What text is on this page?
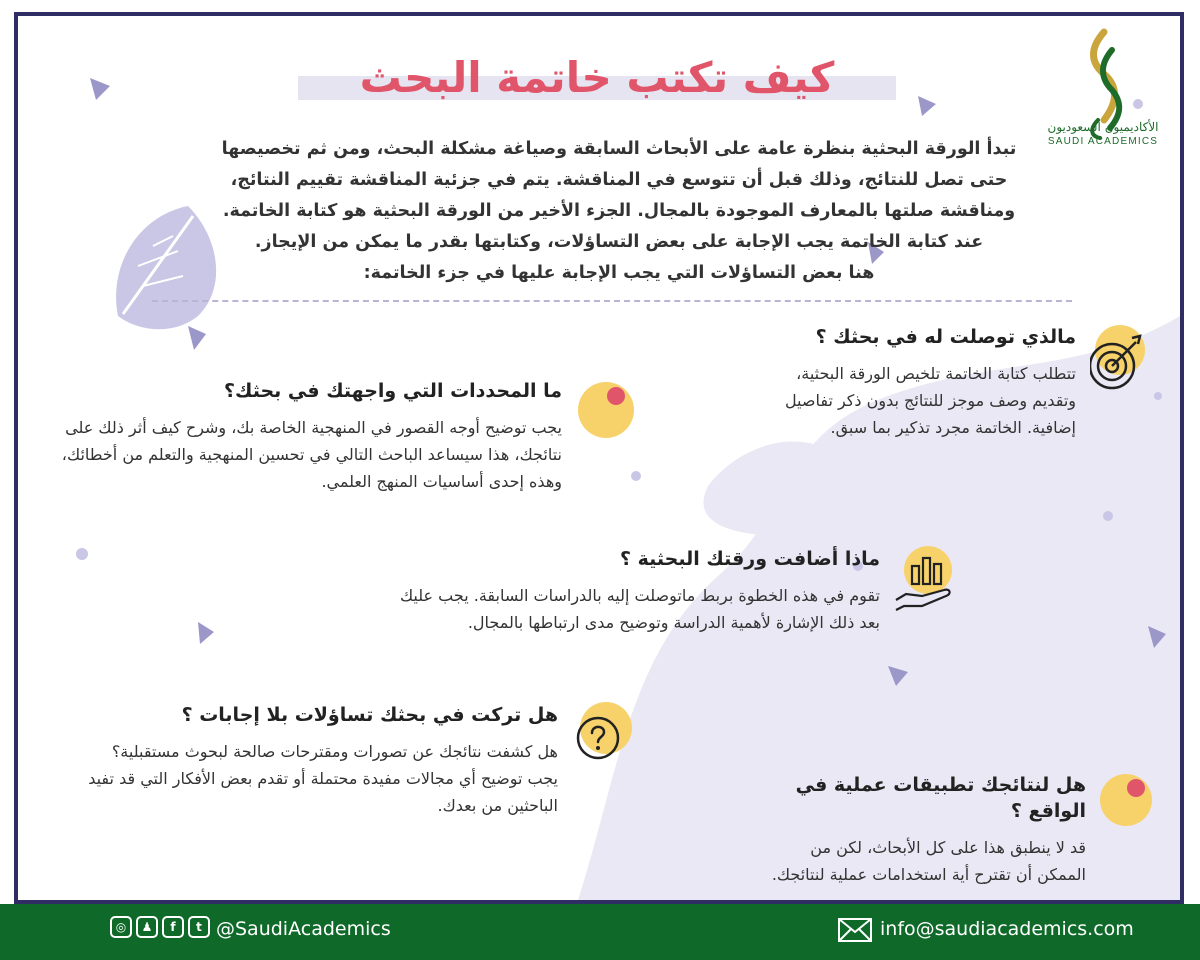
الأكاديميون السعوديون
SAUDI ACADEMICS
كيف تكتب خاتمة البحث

تبدأ الورقة البحثية بنظرة عامة على الأبحاث السابقة وصياغة مشكلة البحث، ومن ثم تخصيصها

حتى تصل للنتائج، وذلك قبل أن تتوسع في المناقشة. يتم في جزئية المناقشة تقييم النتائج،

ومناقشة صلتها بالمعارف الموجودة بالمجال. الجزء الأخير من الورقة البحثية هو كتابة الخاتمة.

عند كتابة الخاتمة يجب الإجابة على بعض التساؤلات، وكتابتها بقدر ما يمكن من الإيجاز.

هنا بعض التساؤلات التي يجب الإجابة عليها في جزء الخاتمة:

مالذي توصلت له في بحثك ؟

تتطلب كتابة الخاتمة تلخيص الورقة البحثية، وتقديم وصف موجز للنتائج بدون ذكر تفاصيل إضافية. الخاتمة مجرد تذكير بما سبق.

ما المحددات التي واجهتك في بحثك؟

يجب توضيح أوجه القصور في المنهجية الخاصة بك، وشرح كيف أثر ذلك على نتائجك، هذا سيساعد الباحث التالي في تحسين المنهجية والتعلم من أخطائك، وهذه إحدى أساسيات المنهج العلمي.

ماذا أضافت ورقتك البحثية ؟

تقوم في هذه الخطوة بربط ماتوصلت إليه بالدراسات السابقة. يجب عليك بعد ذلك الإشارة لأهمية الدراسة وتوضيح مدى ارتباطها بالمجال.

هل تركت في بحثك تساؤلات بلا إجابات ؟

هل كشفت نتائجك عن تصورات ومقترحات صالحة لبحوث مستقبلية؟ يجب توضيح أي مجالات مفيدة محتملة أو تقدم بعض الأفكار التي قد تفيد الباحثين من بعدك.

هل لنتائجك تطبيقات عملية في الواقع ؟

قد لا ينطبق هذا على كل الأبحاث، لكن من الممكن أن تقترح أية استخدامات عملية لنتائجك.

◎	♟	f	t @SaudiAcademics	info@saudiacademics.com
